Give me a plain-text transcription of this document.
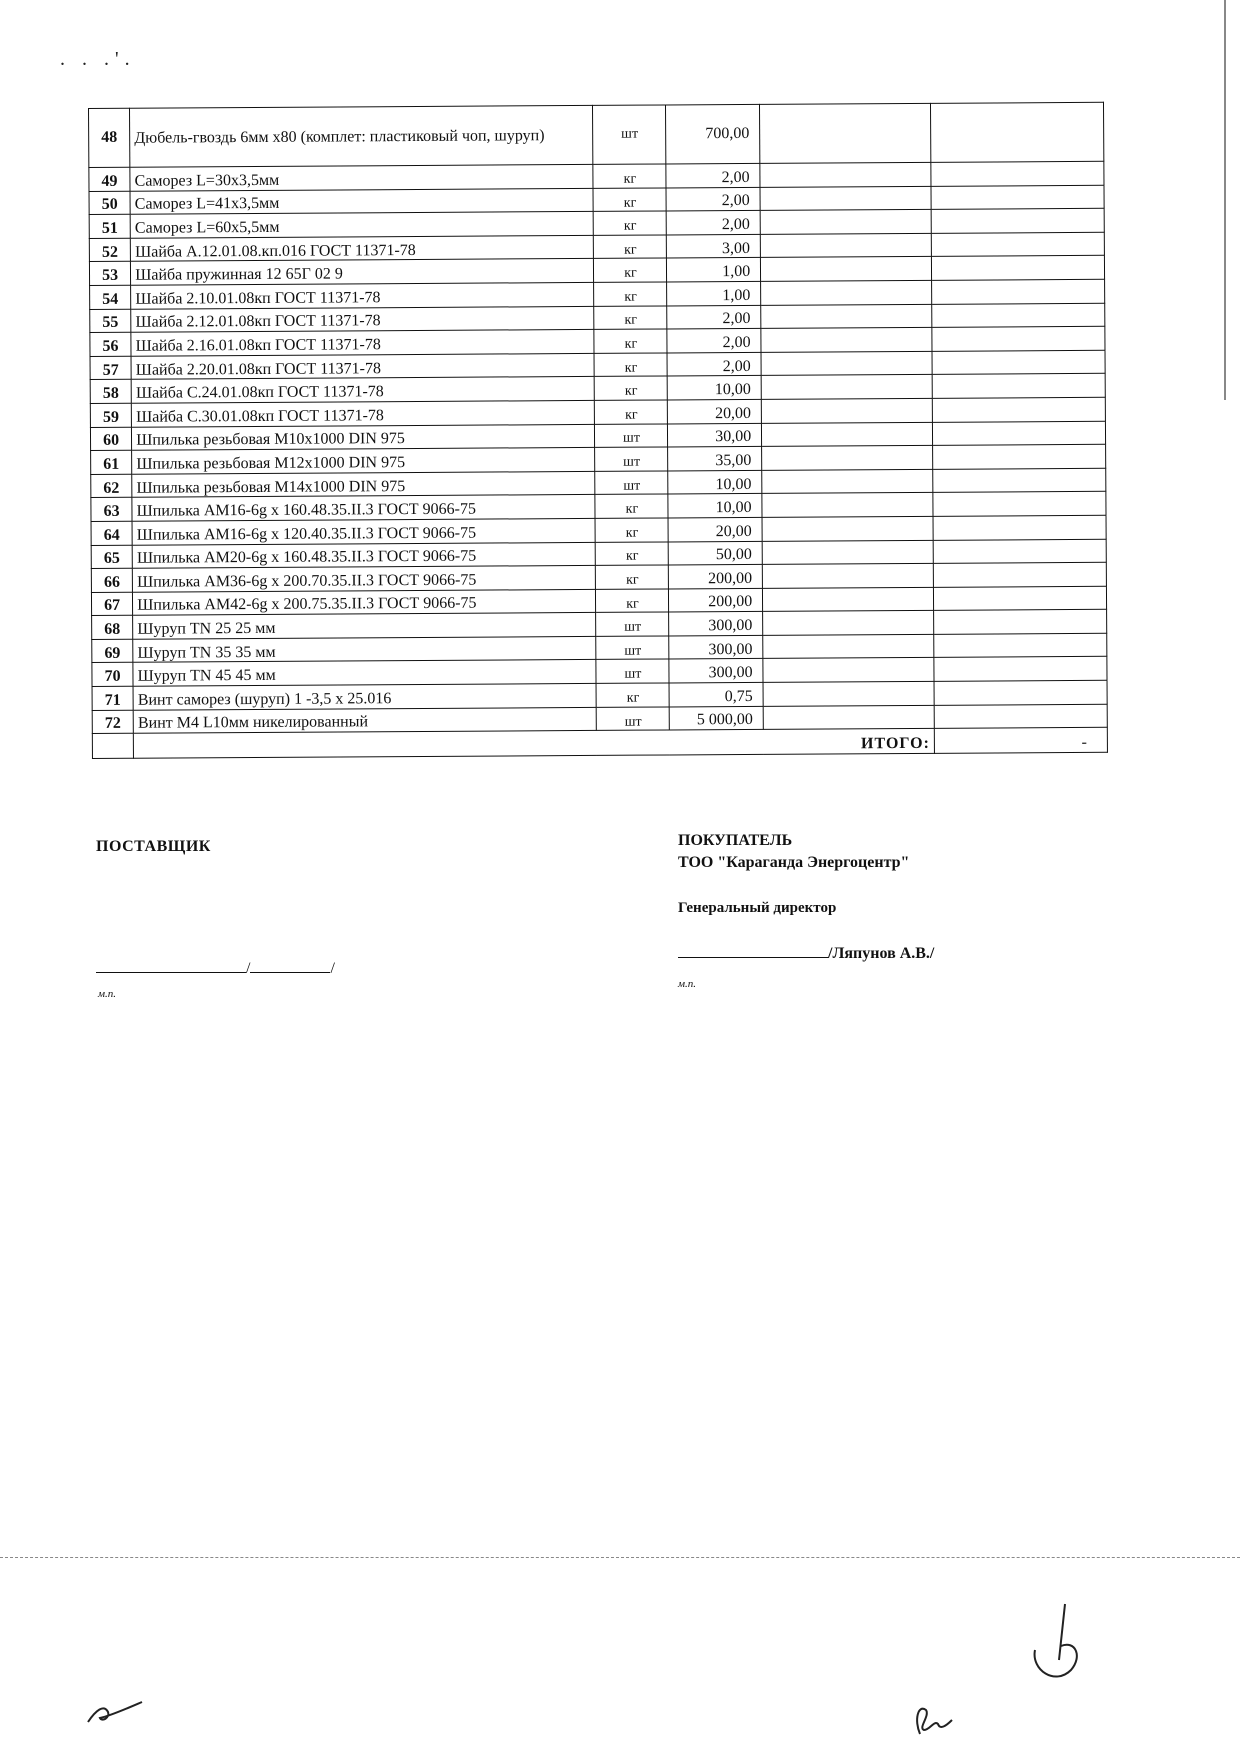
. . .'.
48	Дюбель-гвоздь 6мм х80 (комплет: пластиковый чоп, шуруп)	шт	700,00		
49	Саморез L=30х3,5мм	кг	2,00		
50	Саморез L=41х3,5мм	кг	2,00		
51	Саморез L=60х5,5мм	кг	2,00		
52	Шайба А.12.01.08.кп.016 ГОСТ 11371-78	кг	3,00		
53	Шайба пружинная 12 65Г 02 9	кг	1,00		
54	Шайба 2.10.01.08кп ГОСТ 11371-78	кг	1,00		
55	Шайба 2.12.01.08кп ГОСТ 11371-78	кг	2,00		
56	Шайба 2.16.01.08кп ГОСТ 11371-78	кг	2,00		
57	Шайба 2.20.01.08кп ГОСТ 11371-78	кг	2,00		
58	Шайба С.24.01.08кп ГОСТ 11371-78	кг	10,00		
59	Шайба С.30.01.08кп ГОСТ 11371-78	кг	20,00		
60	Шпилька резьбовая М10х1000 DIN 975	шт	30,00		
61	Шпилька резьбовая М12х1000 DIN 975	шт	35,00		
62	Шпилька резьбовая М14х1000 DIN 975	шт	10,00		
63	Шпилька АМ16-6g х 160.48.35.II.3 ГОСТ 9066-75	кг	10,00		
64	Шпилька АМ16-6g х 120.40.35.II.3 ГОСТ 9066-75	кг	20,00		
65	Шпилька АМ20-6g х 160.48.35.II.3 ГОСТ 9066-75	кг	50,00		
66	Шпилька АМ36-6g х 200.70.35.II.3 ГОСТ 9066-75	кг	200,00		
67	Шпилька АМ42-6g х 200.75.35.II.3 ГОСТ 9066-75	кг	200,00		
68	Шуруп TN 25 25 мм	шт	300,00		
69	Шуруп TN 35 35 мм	шт	300,00		
70	Шуруп TN 45 45 мм	шт	300,00		
71	Винт саморез (шуруп) 1 -3,5 х 25.016	кг	0,75		
72	Винт М4 L10мм никелированный	шт	5 000,00		
	ИТОГО:				-
ПОСТАВЩИК
/	/
м.п.
ПОКУПАТЕЛЬ
ТОО "Караганда Энергоцентр"
Генеральный директор
/Ляпунов А.В./
м.п.
